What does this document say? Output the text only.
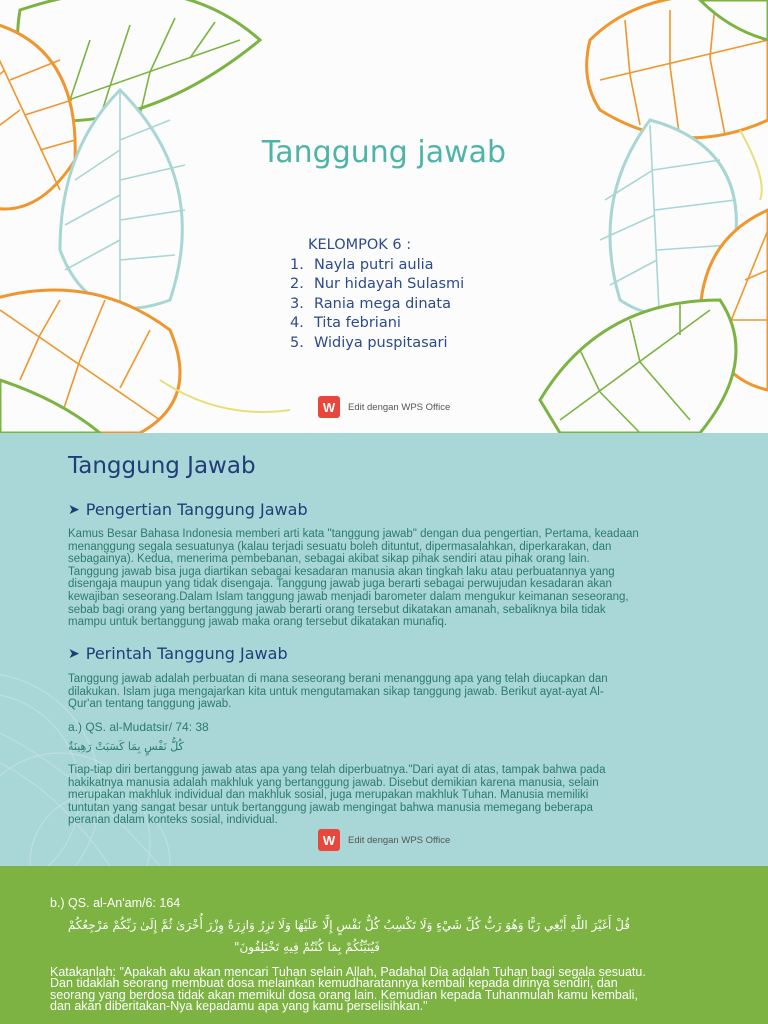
Tanggung jawab
KELOMPOK 6 :
1. Nayla putri aulia
2. Nur hidayah Sulasmi
3. Rania mega dinata
4. Tita febriani
5. Widiya puspitasari
W	Edit dengan WPS Office
Tanggung Jawab
➤ Pengertian Tanggung Jawab
Kamus Besar Bahasa Indonesia memberi arti kata "tanggung jawab" dengan dua pengertian, Pertama, keadaan
menanggung segala sesuatunya (kalau terjadi sesuatu boleh dituntut, dipermasalahkan, diperkarakan, dan
sebagainya). Kedua, menerima pembebanan, sebagai akibat sikap pihak sendiri atau pihak orang lain.
Tanggung jawab bisa juga diartikan sebagai kesadaran manusia akan tingkah laku atau perbuatannya yang
disengaja maupun yang tidak disengaja. Tanggung jawab juga berarti sebagai perwujudan kesadaran akan
kewajiban seseorang.Dalam Islam tanggung jawab menjadi barometer dalam mengukur keimanan seseorang,
sebab bagi orang yang bertanggung jawab berarti orang tersebut dikatakan amanah, sebaliknya bila tidak
mampu untuk bertanggung jawab maka orang tersebut dikatakan munafiq.
➤ Perintah Tanggung Jawab
Tanggung jawab adalah perbuatan di mana seseorang berani menanggung apa yang telah diucapkan dan
dilakukan. Islam juga mengajarkan kita untuk mengutamakan sikap tanggung jawab. Berikut ayat-ayat Al-
Qur'an tentang tanggung jawab.
a.) QS. al-Mudatsir/ 74: 38
كُلُّ نَفْسٍ بِمَا كَسَبَتْ رَهِينَةٌ
Tiap-tiap diri bertanggung jawab atas apa yang telah diperbuatnya."Dari ayat di atas, tampak bahwa pada
hakikatnya manusia adalah makhluk yang bertanggung jawab. Disebut demikian karena manusia, selain
merupakan makhluk individual dan makhluk sosial, juga merupakan makhluk Tuhan. Manusia memiliki
tuntutan yang sangat besar untuk bertanggung jawab mengingat bahwa manusia memegang beberapa
peranan dalam konteks sosial, individual.
W	Edit dengan WPS Office
b.) QS. al-An'am/6: 164
قُلْ أَغَيْرَ اللَّهِ أَبْغِي رَبًّا وَهُوَ رَبُّ كُلِّ شَيْءٍ وَلَا تَكْسِبُ كُلُّ نَفْسٍ إِلَّا عَلَيْهَا وَلَا تَزِرُ وَازِرَةٌ وِزْرَ أُخْرَىٰ ثُمَّ إِلَىٰ رَبِّكُمْ مَرْجِعُكُمْ
فَيُنَبِّئُكُمْ بِمَا كُنْتُمْ فِيهِ تَخْتَلِفُونَ"
Katakanlah: "Apakah aku akan mencari Tuhan selain Allah, Padahal Dia adalah Tuhan bagi segala sesuatu.
Dan tidaklah seorang membuat dosa melainkan kemudharatannya kembali kepada dirinya sendiri, dan
seorang yang berdosa tidak akan memikul dosa orang lain. Kemudian kepada Tuhanmulah kamu kembali,
dan akan diberitakan-Nya kepadamu apa yang kamu perselisihkan."
